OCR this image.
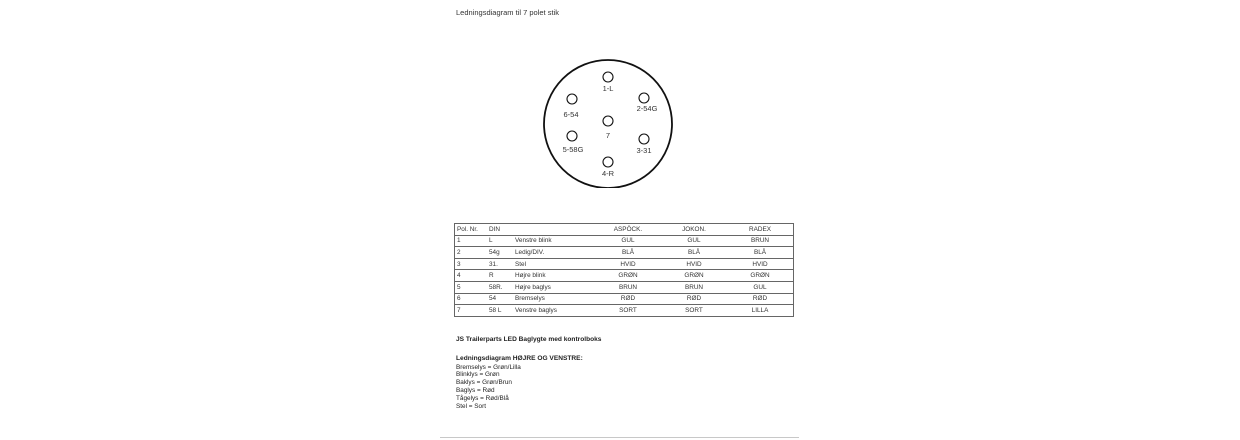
Ledningsdiagram til 7 polet stik
1-L
2-54G
3-31
4-R
5-58G
6-54
7
Pol. Nr.	DIN		ASPÖCK.	JOKON.	RADEX
1	L	Venstre blink	GUL	GUL	BRUN
2	54g	Ledig/DIV.	BLÅ	BLÅ	BLÅ
3	31.	Stel	HVID	HVID	HVID
4	R	Højre blink	GRØN	GRØN	GRØN
5	58R.	Højre baglys	BRUN	BRUN	GUL
6	54	Bremselys	RØD	RØD	RØD
7	58 L	Venstre baglys	SORT	SORT	LILLA
JS Trailerparts LED Baglygte med kontrolboks
Ledningsdiagram HØJRE OG VENSTRE:
Bremselys = Grøn/Lilla
Blinklys = Grøn
Baklys = Grøn/Brun
Baglys = Rød
Tågelys = Rød/Blå
Stel = Sort
